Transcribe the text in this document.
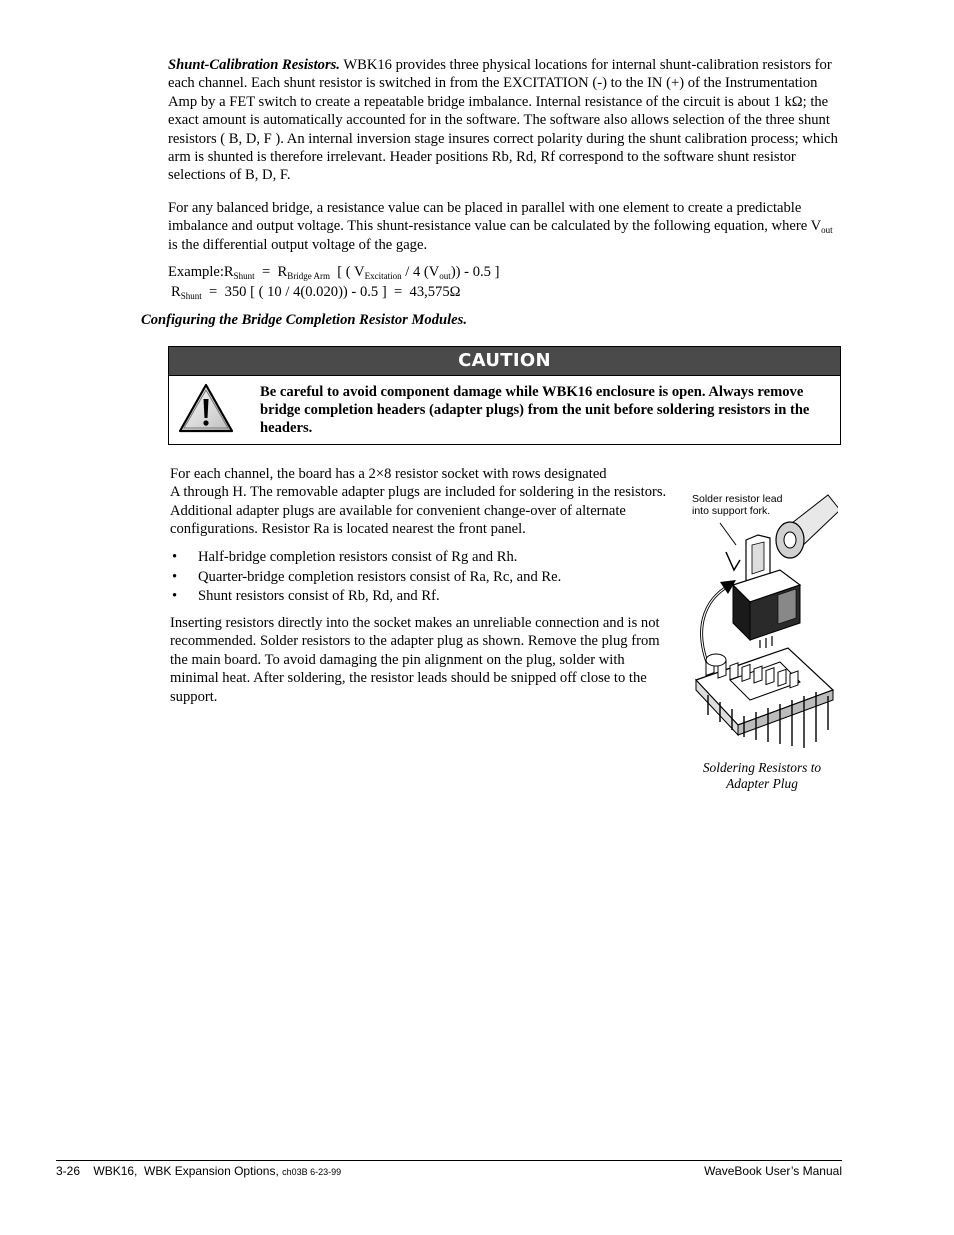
Shunt-Calibration Resistors. WBK16 provides three physical locations for internal shunt-calibration resistors for each channel. Each shunt resistor is switched in from the EXCITATION (-) to the IN (+) of the Instrumentation Amp by a FET switch to create a repeatable bridge imbalance. Internal resistance of the circuit is about 1 kΩ; the exact amount is automatically accounted for in the software. The software also allows selection of the three shunt resistors ( B, D, F ). An internal inversion stage insures correct polarity during the shunt calibration process; which arm is shunted is therefore irrelevant. Header positions Rb, Rd, Rf correspond to the software shunt resistor selections of B, D, F.
For any balanced bridge, a resistance value can be placed in parallel with one element to create a predictable imbalance and output voltage. This shunt-resistance value can be calculated by the following equation, where $V_{out}$ is the differential output voltage of the gage.
$Example:R_{Shunt} = R_{Bridge Arm}$  [ ( $V_{Excitation} / 4$ $(V_{out})) - 0.5$ ]
$R_{Shunt} = 350$ [ ( 10 / 4(0.020)) - 0.5 ]  =  43,575Ω
Configuring the Bridge Completion Resistor Modules.
CAUTION
Be careful to avoid component damage while WBK16 enclosure is open. Always remove bridge completion headers (adapter plugs) from the unit before soldering resistors in the headers.
For each channel, the board has a 2×8 resistor socket with rows designated
A through H. The removable adapter plugs are included for soldering in the resistors. Additional adapter plugs are available for convenient change-over of alternate configurations. Resistor Ra is located nearest the front panel.
• Half-bridge completion resistors consist of Rg and Rh.
• Quarter-bridge completion resistors consist of Ra, Rc, and Re.
• Shunt resistors consist of Rb, Rd, and Rf.
Inserting resistors directly into the socket makes an unreliable connection and is not recommended. Solder resistors to the adapter plug as shown. Remove the plug from the main board. To avoid damaging the pin alignment on the plug, solder with minimal heat. After soldering, the resistor leads should be snipped off close to the support.
Solder resistor lead
into support fork.
Soldering Resistors to
Adapter Plug
3-26 WBK16,  WBK Expansion Options, ch03B 6-23-99	WaveBook User’s Manual
